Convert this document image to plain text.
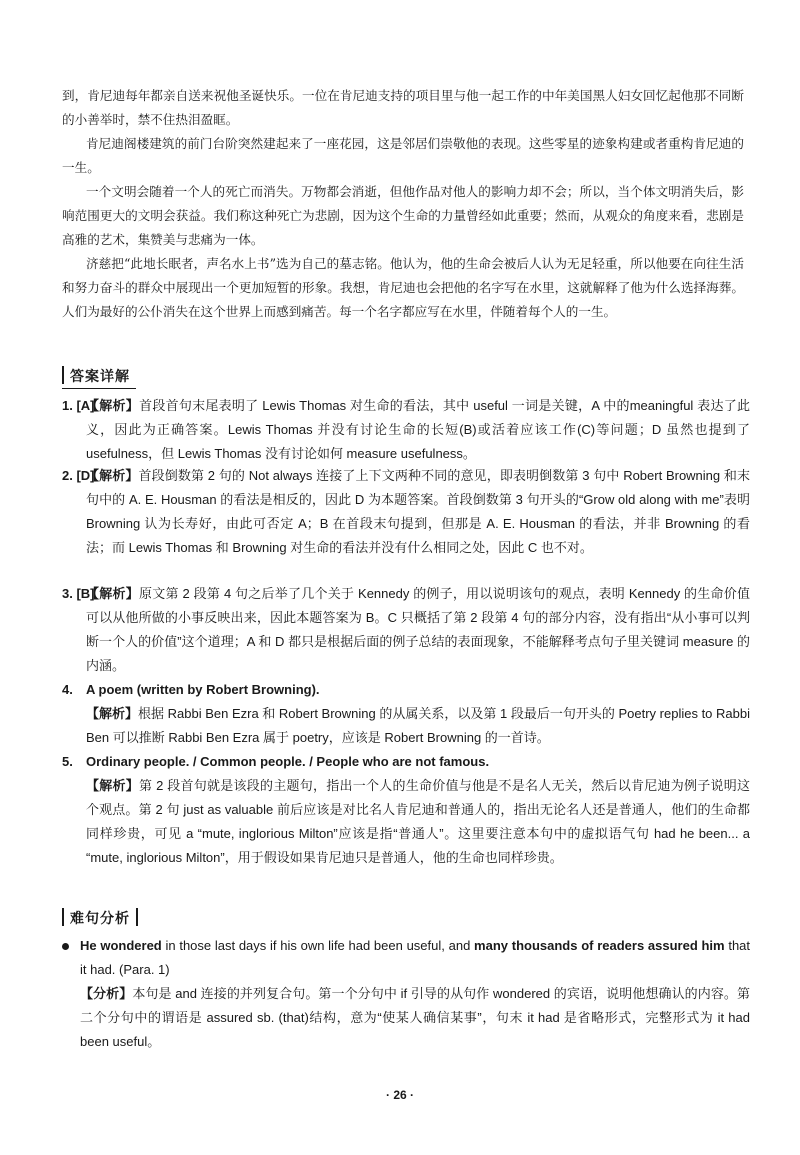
到，肯尼迪每年都亲自送来祝他圣诞快乐。一位在肯尼迪支持的项目里与他一起工作的中年美国黑人妇女回忆起他那不同断的小善举时，禁不住热泪盈眶。

肯尼迪阁楼建筑的前门台阶突然建起来了一座花园，这是邻居们崇敬他的表现。这些零星的迹象构建或者重构肯尼迪的一生。

一个文明会随着一个人的死亡而消失。万物都会消逝，但他作品对他人的影响力却不会；所以，当个体文明消失后，影响范围更大的文明会获益。我们称这种死亡为悲剧，因为这个生命的力量曾经如此重要；然而，从观众的角度来看，悲剧是高雅的艺术，集赞美与悲痛为一体。

济慈把“此地长眠者，声名水上书”选为自己的墓志铭。他认为，他的生命会被后人认为无足轻重，所以他要在向往生活和努力奋斗的群众中展现出一个更加短暂的形象。我想，肯尼迪也会把他的名字写在水里，这就解释了他为什么选择海葬。人们为最好的公仆消失在这个世界上而感到痛苦。每一个名字都应写在水里，伴随着每个人的一生。

答案详解
1. [A]
【解析】首段首句末尾表明了 Lewis Thomas 对生命的看法，其中 useful 一词是关键，A 中的meaningful 表达了此义，因此为正确答案。Lewis Thomas 并没有讨论生命的长短(B)或活着应该工作(C)等问题；D 虽然也提到了 usefulness，但 Lewis Thomas 没有讨论如何 measure usefulness。
2. [D]
【解析】首段倒数第 2 句的 Not always 连接了上下文两种不同的意见，即表明倒数第 3 句中 Robert Browning 和末句中的 A. E. Housman 的看法是相反的，因此 D 为本题答案。首段倒数第 3 句开头的“Grow old along with me”表明 Browning 认为长寿好，由此可否定 A；B 在首段末句提到，但那是 A. E. Housman 的看法，并非 Browning 的看法；而 Lewis Thomas 和 Browning 对生命的看法并没有什么相同之处，因此 C 也不对。
3. [B]
【解析】原文第 2 段第 4 句之后举了几个关于 Kennedy 的例子，用以说明该句的观点，表明 Kennedy 的生命价值可以从他所做的小事反映出来，因此本题答案为 B。C 只概括了第 2 段第 4 句的部分内容，没有指出“从小事可以判断一个人的价值”这个道理；A 和 D 都只是根据后面的例子总结的表面现象，不能解释考点句子里关键词 measure 的内涵。
4. A poem (written by Robert Browning).
【解析】根据 Rabbi Ben Ezra 和 Robert Browning 的从属关系，以及第 1 段最后一句开头的 Poetry replies to Rabbi Ben 可以推断 Rabbi Ben Ezra 属于 poetry，应该是 Robert Browning 的一首诗。
5. Ordinary people. / Common people. / People who are not famous.
【解析】第 2 段首句就是该段的主题句，指出一个人的生命价值与他是不是名人无关，然后以肯尼迪为例子说明这个观点。第 2 句 just as valuable 前后应该是对比名人肯尼迪和普通人的，指出无论名人还是普通人，他们的生命都同样珍贵，可见 a “mute, inglorious Milton”应该是指“普通人”。这里要注意本句中的虚拟语气句 had he been... a “mute, inglorious Milton”，用于假设如果肯尼迪只是普通人，他的生命也同样珍贵。
难句分析
He wondered in those last days if his own life had been useful, and many thousands of readers assured him that it had. (Para. 1)
【分析】本句是 and 连接的并列复合句。第一个分句中 if 引导的从句作 wondered 的宾语，说明他想确认的内容。第二个分句中的谓语是 assured sb. (that)结构，意为“使某人确信某事”，句末 it had 是省略形式，完整形式为 it had been useful。
· 26 ·
